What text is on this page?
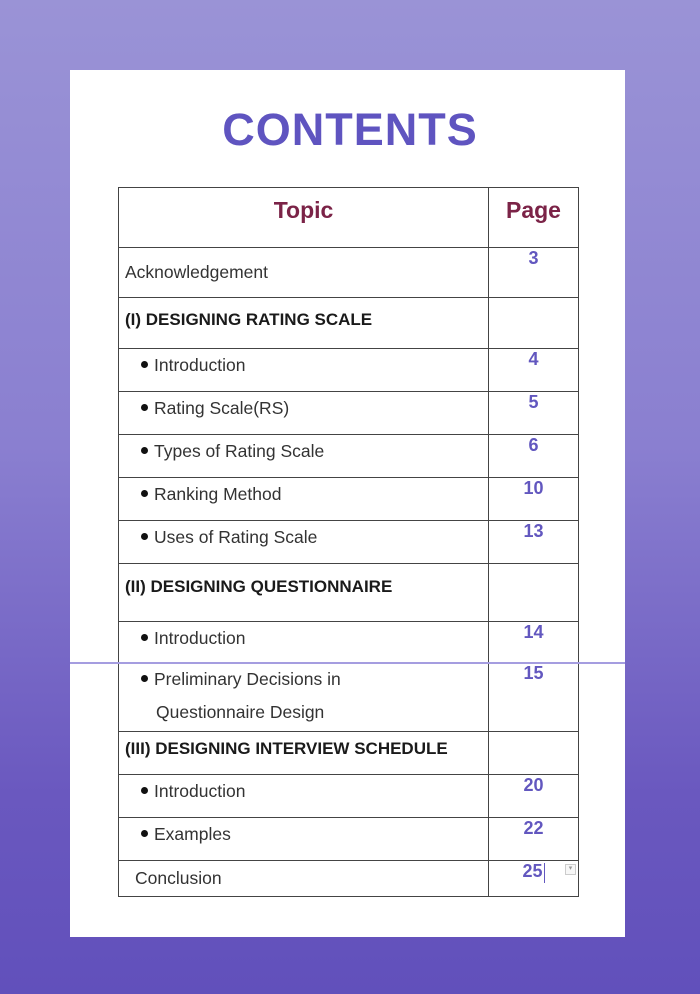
CONTENTS
Topic	Page

Acknowledgement	3

(I) DESIGNING RATING SCALE	

Introduction	4

Rating Scale(RS)	5

Types of Rating Scale	6

Ranking Method	10

Uses of Rating Scale	13

(II) DESIGNING QUESTIONNAIRE	

Introduction	14

Preliminary Decisions in
Questionnaire Design	15

(III) DESIGNING INTERVIEW SCHEDULE	

Introduction	20

Examples	22

Conclusion	25	▾
